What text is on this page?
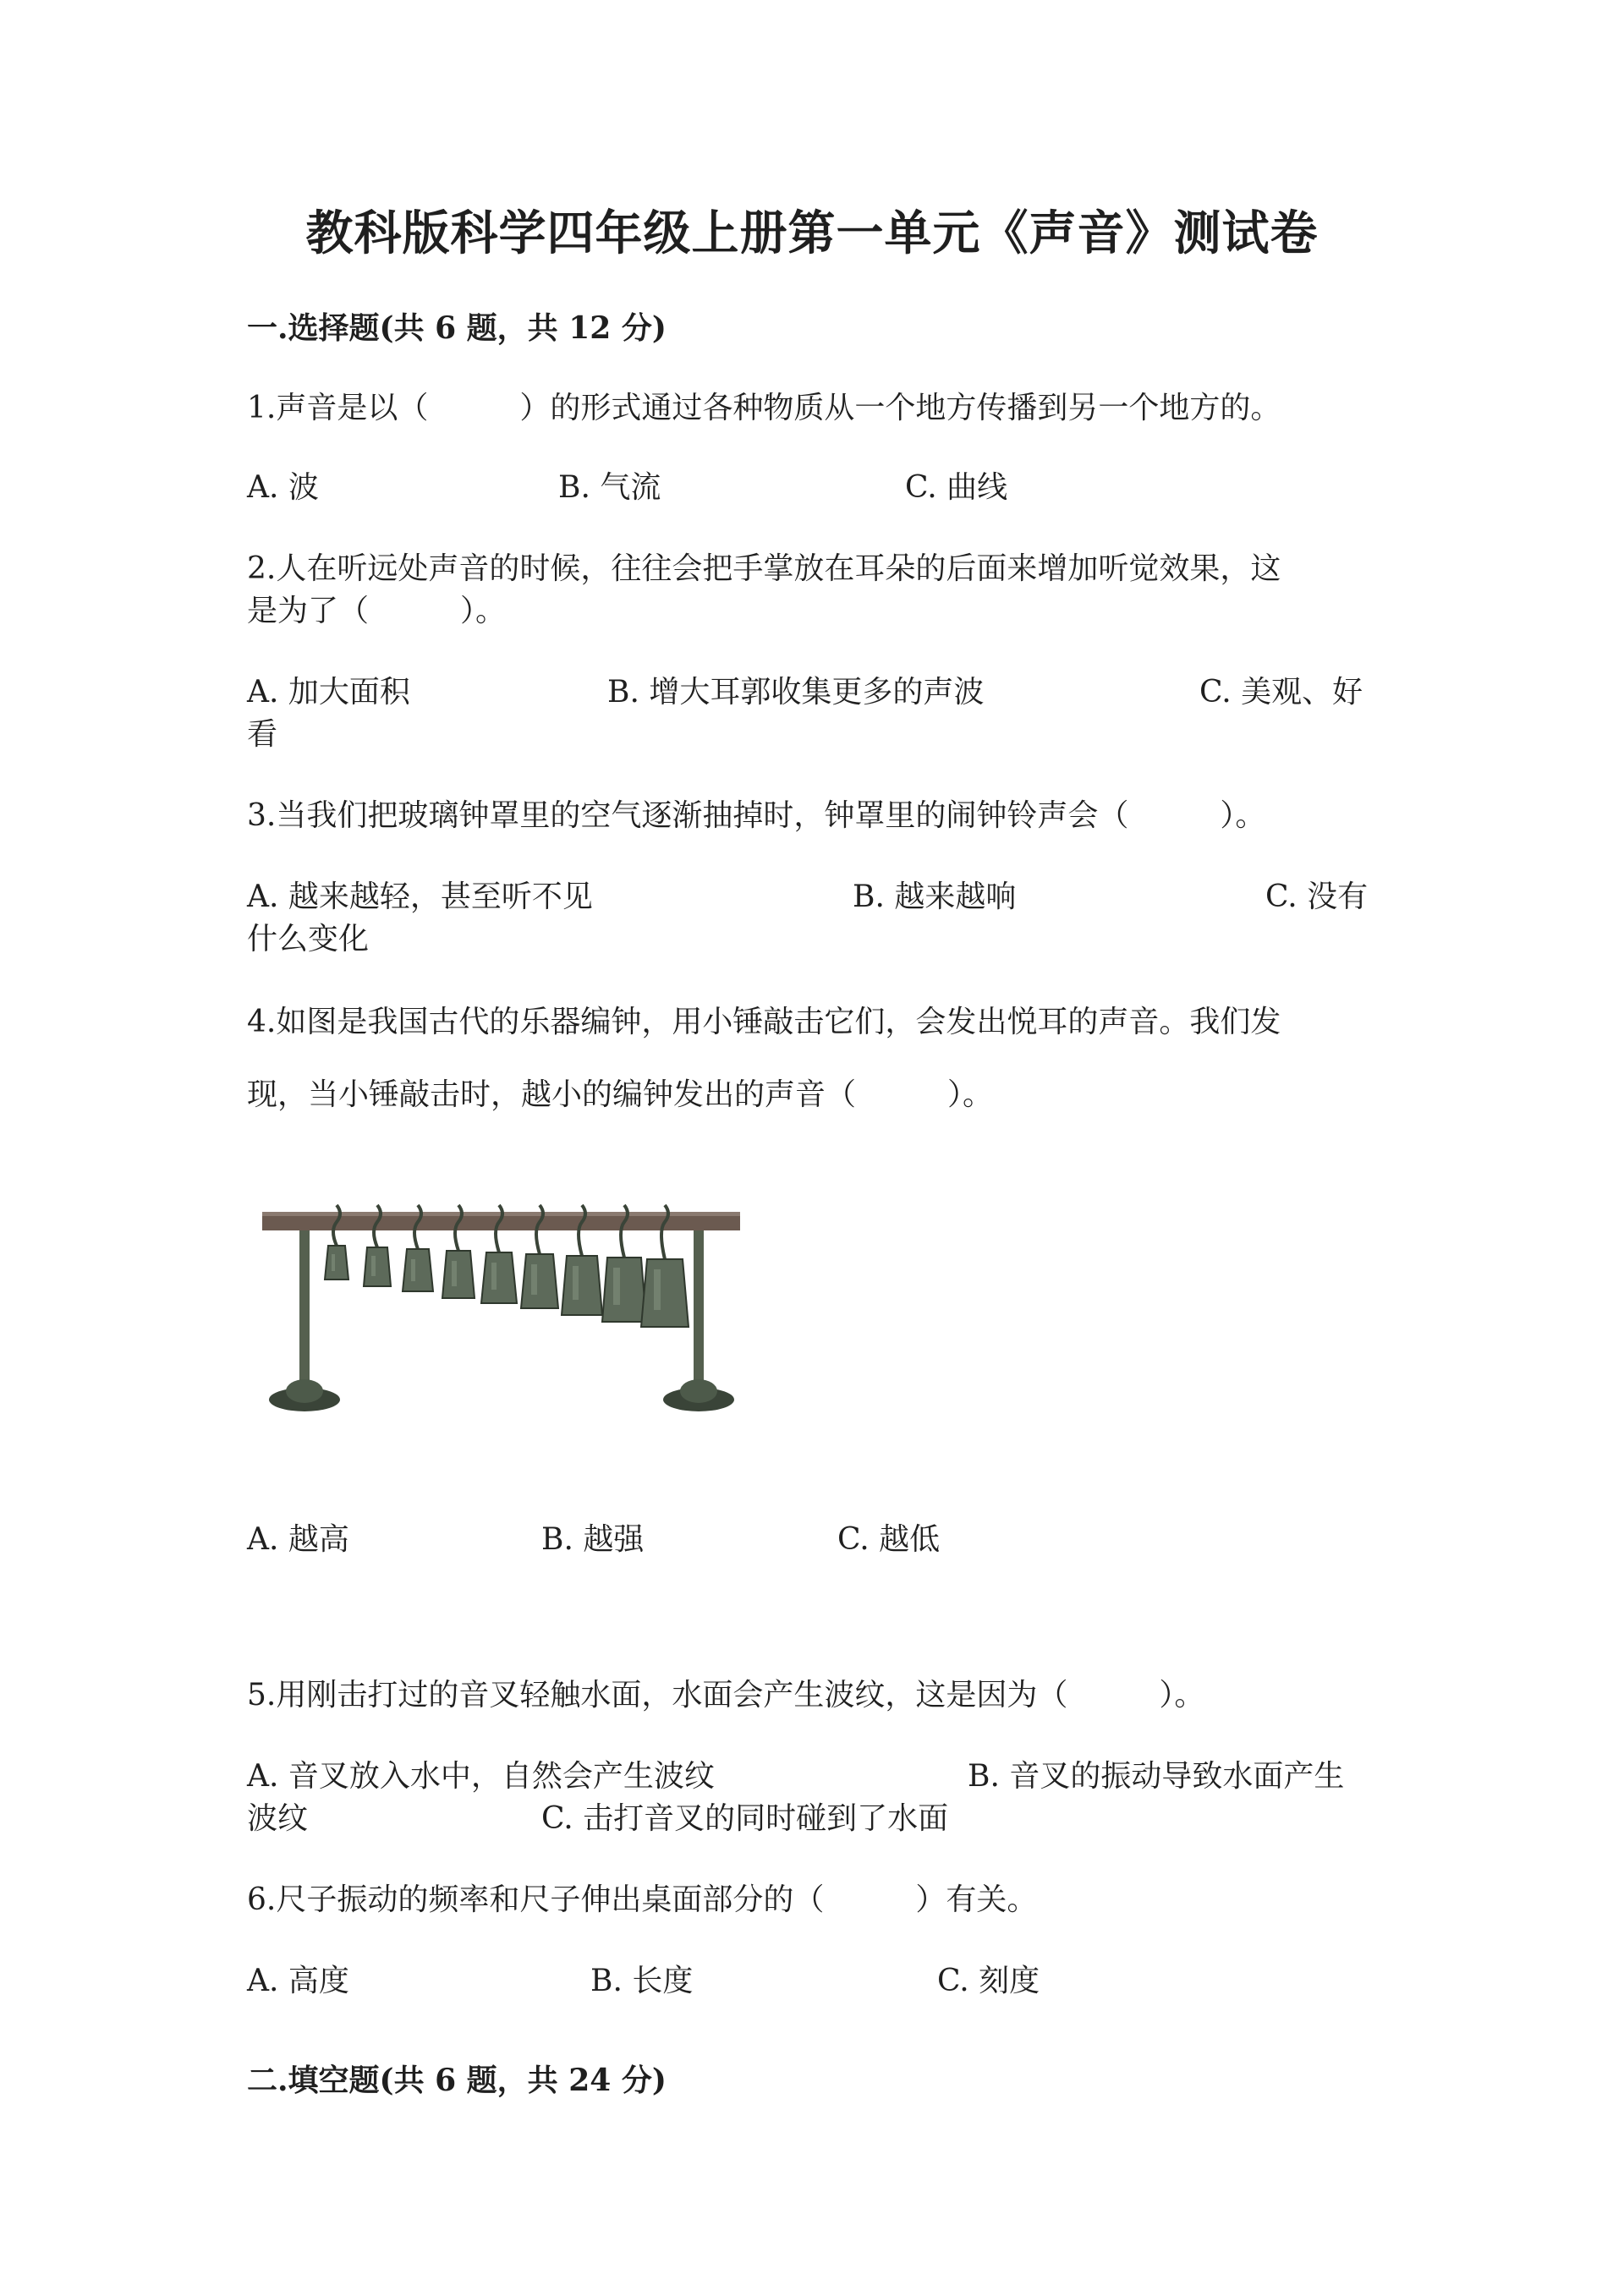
教科版科学四年级上册第一单元《声音》测试卷
一.选择题(共 6 题，共 12 分)
1.声音是以（　　　）的形式通过各种物质从一个地方传播到另一个地方的。
A. 波	B. 气流	C. 曲线
2.人在听远处声音的时候，往往会把手掌放在耳朵的后面来增加听觉效果，这
是为了（　　　）。
A. 加大面积	B. 增大耳郭收集更多的声波	C. 美观、好
看
3.当我们把玻璃钟罩里的空气逐渐抽掉时，钟罩里的闹钟铃声会（　　　）。
A. 越来越轻，甚至听不见	B. 越来越响	C. 没有
什么变化
4.如图是我国古代的乐器编钟，用小锤敲击它们，会发出悦耳的声音。我们发
现，当小锤敲击时，越小的编钟发出的声音（　　　）。
A. 越高	B. 越强	C. 越低
5.用刚击打过的音叉轻触水面，水面会产生波纹，这是因为（　　　）。
A. 音叉放入水中，自然会产生波纹	B. 音叉的振动导致水面产生
波纹	C. 击打音叉的同时碰到了水面
6.尺子振动的频率和尺子伸出桌面部分的（　　　）有关。
A. 高度	B. 长度	C. 刻度
二.填空题(共 6 题，共 24 分)
